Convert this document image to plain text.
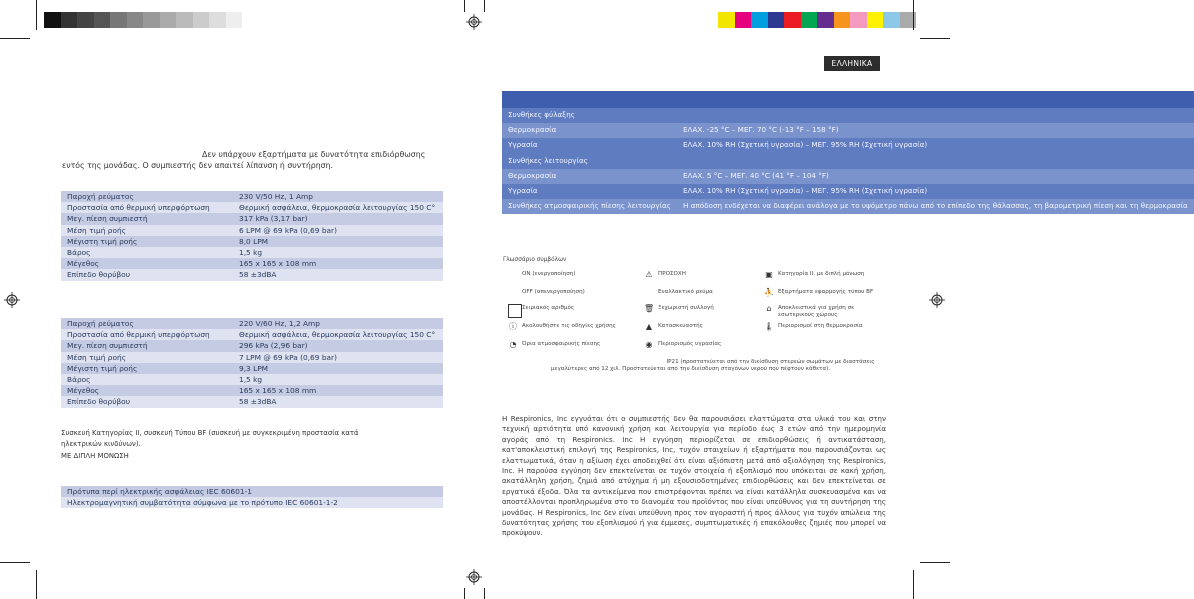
ΕΛΛΗΝΙΚΑ
Δεν υπάρχουν εξαρτήματα με δυνατότητα επιδιόρθωσης εντός της μονάδας. Ο συμπιεστής δεν απαιτεί λίπανση ή συντήρηση.
Παροχή ρεύματος	230 V/50 Hz, 1 Amp
Προστασία από θερμική υπερφόρτωση	Θερμική ασφάλεια, θερμοκρασία λειτουργίας 150 C°
Μεγ. πίεση συμπιεστή	317 kPa (3,17 bar)
Μέση τιμή ροής	6 LPM @ 69 kPa (0,69 bar)
Μέγιστη τιμή ροής	8,0 LPM
Βάρος	1,5 kg
Μέγεθος	165 x 165 x 108 mm
Επίπεδο θορύβου	58 ±3dBA
Παροχή ρεύματος	220 V/60 Hz, 1,2 Amp
Προστασία από θερμική υπερφόρτωση	Θερμική ασφάλεια, θερμοκρασία λειτουργίας 150 C°
Μεγ. πίεση συμπιεστή	296 kPa (2,96 bar)
Μέση τιμή ροής	7 LPM @ 69 kPa (0,69 bar)
Μέγιστη τιμή ροής	9,3 LPM
Βάρος	1,5 kg
Μέγεθος	165 x 165 x 108 mm
Επίπεδο θορύβου	58 ±3dBA
Συσκευή Κατηγορίας II, συσκευή Τύπου BF (συσκευή με συγκεκριμένη προστασία κατά ηλεκτρικών κινδύνων).
ΜΕ ΔΙΠΛΗ ΜΟΝΩΣΗ
Πρότυπα περί ηλεκτρικής ασφάλειας IEC 60601-1
Ηλεκτρομαγνητική συμβατότητα σύμφωνα με το πρότυπο IEC 60601-1-2

Συνθήκες φύλαξης	
Θερμοκρασία	ΕΛΑΧ. -25 °C – ΜΕΓ. 70 °C (-13 °F – 158 °F)
Υγρασία	ΕΛΑΧ. 10% RH (Σχετική υγρασία) – ΜΕΓ. 95% RH (Σχετική υγρασία)
Συνθήκες λειτουργίας	
Θερμοκρασία	ΕΛΑΧ. 5 °C – ΜΕΓ. 40 °C (41 °F – 104 °F)
Υγρασία	ΕΛΑΧ. 10% RH (Σχετική υγρασία) – ΜΕΓ. 95% RH (Σχετική υγρασία)
Συνθήκες ατμοσφαιρικής πίεσης λειτουργίας	Η απόδοση ενδέχεται να διαφέρει ανάλογα με το υψόμετρο πάνω από το επίπεδο της θάλασσας, τη βαρομετρική πίεση και τη θερμοκρασία
Γλωσσάριο συμβόλων
ON (ενεργοποίηση)	⚠ ΠΡΟΣΟΧΗ	▣ Κατηγορία II, με διπλή μόνωση
OFF (απενεργοποίηση)	Εναλλακτικό ρεύμα	⛹ Εξαρτήματα εφαρμογής τύπου BF
Σειριακός αριθμός	🗑 Ξεχωριστή συλλογή	⌂	Αποκλειστικά για χρήση σε εσωτερικούς χώρους
ⓘ Ακολουθήστε τις οδηγίες χρήσης	▲	Κατασκευαστής	🌡 Περιορισμοί στη θερμοκρασία
◔ Όρια ατμοσφαιρικής πίεσης	◉ Περιορισμός υγρασίας
IP21 (προστατεύεται από την διείσδυση στερεών σωμάτων με διαστάσεις μεγαλύτερες από 12 χιλ. Προστατεύεται από την διείσδυση σταγόνων νερού που πέφτουν κάθετα).
Η Respironics, Inc εγγυάται ότι ο συμπιεστής δεν θα παρουσιάσει ελαττώματα στα υλικά του και στην τεχνική αρτιότητα υπό κανονική χρήση και λειτουργία για περίοδο έως 3 ετών από την ημερομηνία αγοράς από τη Respironics. Inc Η εγγύηση περιορίζεται σε επιδιορθώσεις ή αντικατάσταση, κατ'αποκλειστική επιλογή της Respironics, Inc, τυχόν σταιχείων ή εξαρτήματα που παρουσιάζονται ως ελαττωματικά, όταν η αξίωση έχει αποδειχθεί ότι είναι αξιόπιστη μετά από αξιολόγηση της Respironics, Inc. Η παρούσα εγγύηση δεν επεκτείνεται σε τυχόν στοιχεία ή εξοπλισμό που υπόκειται σε κακή χρήση, ακατάλληλη χρήση, ζημιά από ατύχημα ή μη εξουσιοδοτημένες επιδιορθώσεις και δεν επεκτείνεται σε εργατικά έξοδα. Όλα τα αντικείμενα που επιστρέφονται πρέπει να είναι κατάλληλα συσκευασμένα και να αποστέλλονται προπληρωμένα στο το διανομέα του προϊόντος που είναι υπεύθυνος για τη συντήρηση της μονάδας. Η Respironics, Inc δεν είναι υπεύθυνη προς τον αγοραστή ή προς άλλους για τυχόν απώλεια της δυνατότητας χρήσης του εξοπλισμού ή για έμμεσες, συμπτωματικές ή επακόλουθες ζημιές που μπορεί να προκύψουν.
